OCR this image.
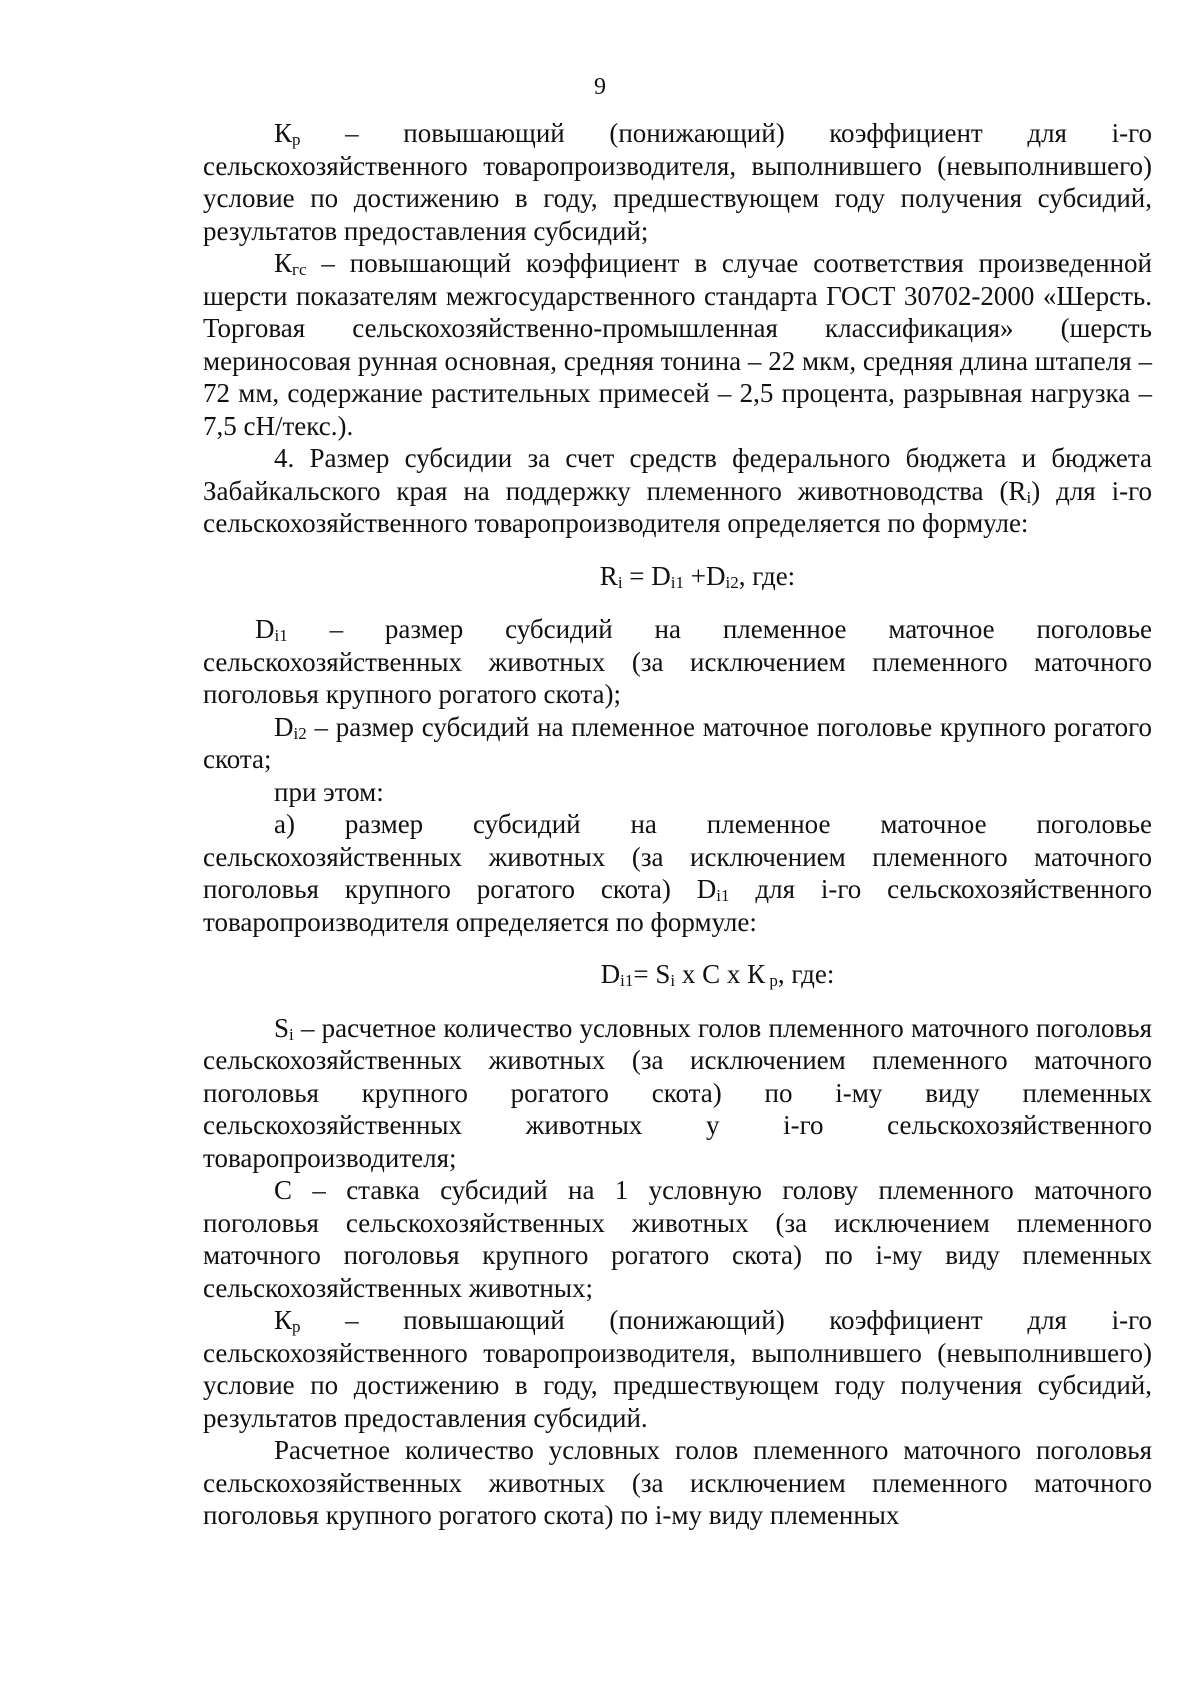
9

$К_р$ – повышающий (понижающий) коэффициент для i-го сельскохозяйственного товаропроизводителя, выполнившего (невыполнившего) условие по достижению в году, предшествующем году получения субсидий, результатов предоставления субсидий;

$К_{гс}$ – повышающий коэффициент в случае соответствия произведенной шерсти показателям межгосударственного стандарта ГОСТ 30702-2000 «Шерсть. Торговая сельскохозяйственно-промышленная классификация» (шерсть мериносовая рунная основная, средняя тонина – 22 мкм, средняя длина штапеля – 72 мм, содержание растительных примесей – 2,5 процента, разрывная нагрузка – 7,5 сН/текс.).

4. Размер субсидии за счет средств федерального бюджета и бюджета Забайкальского края на поддержку племенного животноводства $(R_i)$ для i-го сельскохозяйственного товаропроизводителя определяется по формуле:

$R_i = D_{i1} +D_{i2}$, где:

$D_{i1}$ – размер субсидий на племенное маточное поголовье сельскохозяйственных животных (за исключением племенного маточного поголовья крупного рогатого скота);

$D_{i2}$ – размер субсидий на племенное маточное поголовье крупного рогатого скота;

при этом:

а) размер субсидий на племенное маточное поголовье сельскохозяйственных животных (за исключением племенного маточного поголовья крупного рогатого скота) $D_{i1}$ для i-го сельскохозяйственного товаропроизводителя определяется по формуле:

$D_{i1}= S_i$ х С х К $_р$, где:

$S_i$ – расчетное количество условных голов племенного маточного поголовья сельскохозяйственных животных (за исключением племенного маточного поголовья крупного рогатого скота) по i-му виду племенных сельскохозяйственных животных у i-го сельскохозяйственного товаропроизводителя;

С – ставка субсидий на 1 условную голову племенного маточного поголовья сельскохозяйственных животных (за исключением племенного маточного поголовья крупного рогатого скота) по i-му виду племенных сельскохозяйственных животных;

$К_р$ – повышающий (понижающий) коэффициент для i-го сельскохозяйственного товаропроизводителя, выполнившего (невыполнившего) условие по достижению в году, предшествующем году получения субсидий, результатов предоставления субсидий.

Расчетное количество условных голов племенного маточного поголовья сельскохозяйственных животных (за исключением племенного маточного поголовья крупного рогатого скота) по i-му виду племенных
